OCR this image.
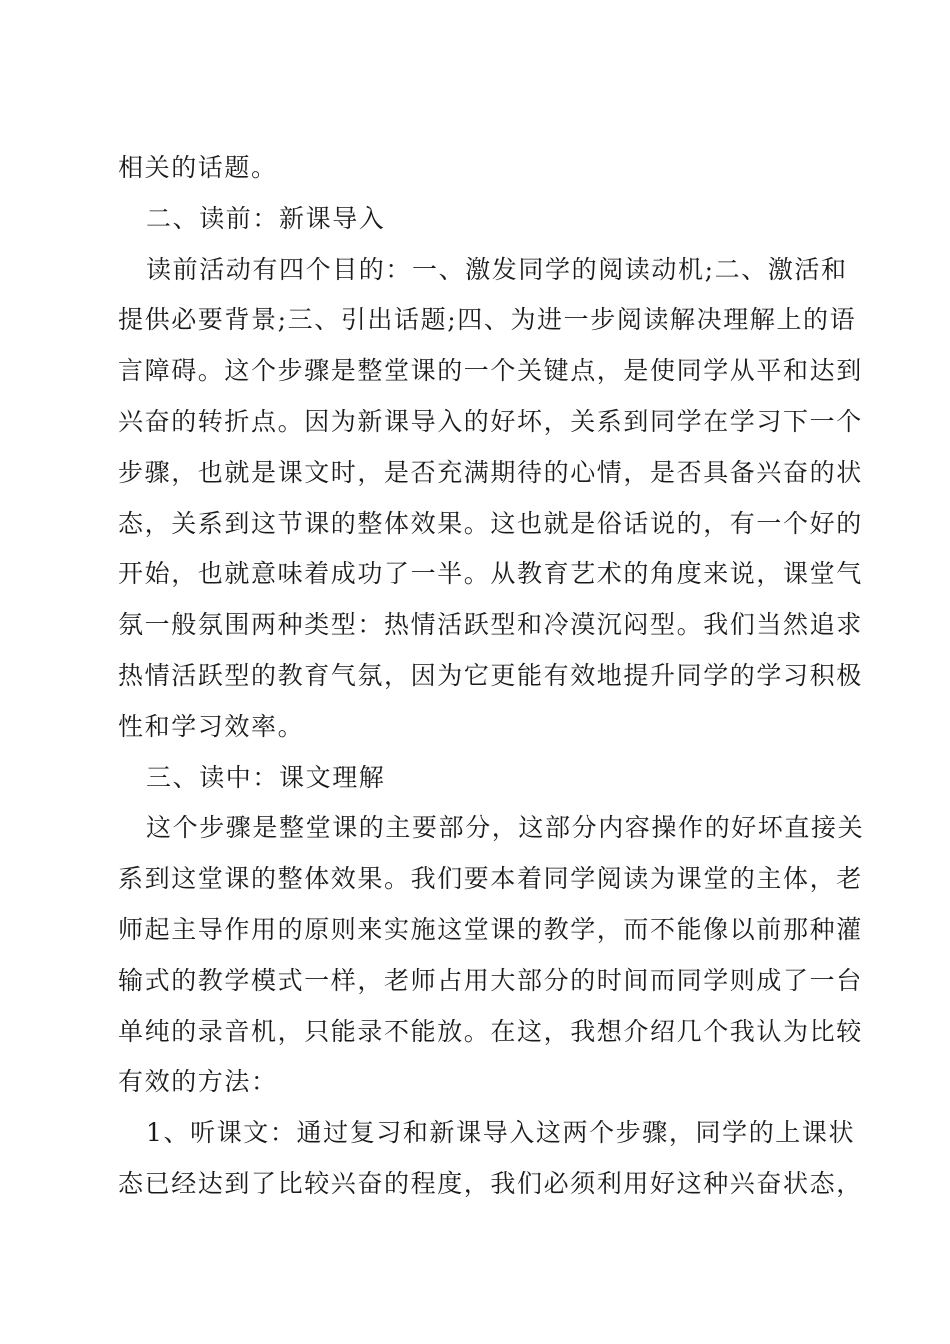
相关的话题。
二、读前：新课导入
读前活动有四个目的：一、激发同学的阅读动机;二、激活和
提供必要背景;三、引出话题;四、为进一步阅读解决理解上的语
言障碍。这个步骤是整堂课的一个关键点，是使同学从平和达到
兴奋的转折点。因为新课导入的好坏，关系到同学在学习下一个
步骤，也就是课文时，是否充满期待的心情，是否具备兴奋的状
态，关系到这节课的整体效果。这也就是俗话说的，有一个好的
开始，也就意味着成功了一半。从教育艺术的角度来说，课堂气
氛一般氛围两种类型：热情活跃型和冷漠沉闷型。我们当然追求
热情活跃型的教育气氛，因为它更能有效地提升同学的学习积极
性和学习效率。
三、读中：课文理解
这个步骤是整堂课的主要部分，这部分内容操作的好坏直接关
系到这堂课的整体效果。我们要本着同学阅读为课堂的主体，老
师起主导作用的原则来实施这堂课的教学，而不能像以前那种灌
输式的教学模式一样，老师占用大部分的时间而同学则成了一台
单纯的录音机，只能录不能放。在这，我想介绍几个我认为比较
有效的方法：
1、听课文：通过复习和新课导入这两个步骤，同学的上课状
态已经达到了比较兴奋的程度，我们必须利用好这种兴奋状态，
